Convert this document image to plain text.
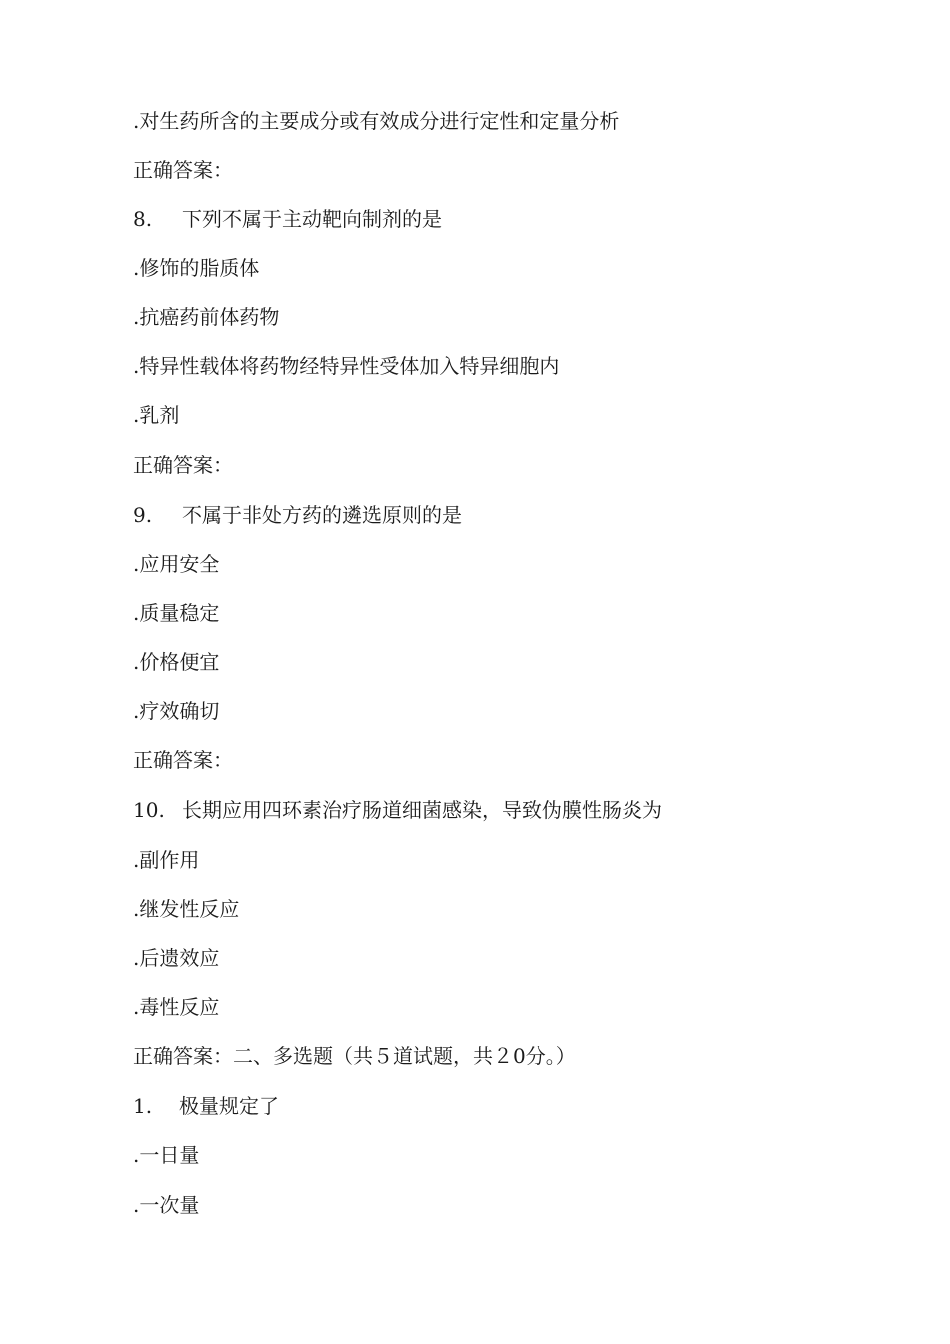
.对生药所含的主要成分或有效成分进行定性和定量分析
正确答案：
8. 下列不属于主动靶向制剂的是
.修饰的脂质体
.抗癌药前体药物
.特异性载体将药物经特异性受体加入特异细胞内
.乳剂
正确答案：
9. 不属于非处方药的遴选原则的是
.应用安全
.质量稳定
.价格便宜
.疗效确切
正确答案：
10. 长期应用四环素治疗肠道细菌感染，导致伪膜性肠炎为
.副作用
.继发性反应
.后遗效应
.毒性反应
正确答案：二、多选题（共５道试题，共２0分。）
1. 极量规定了
.一日量
.一次量
